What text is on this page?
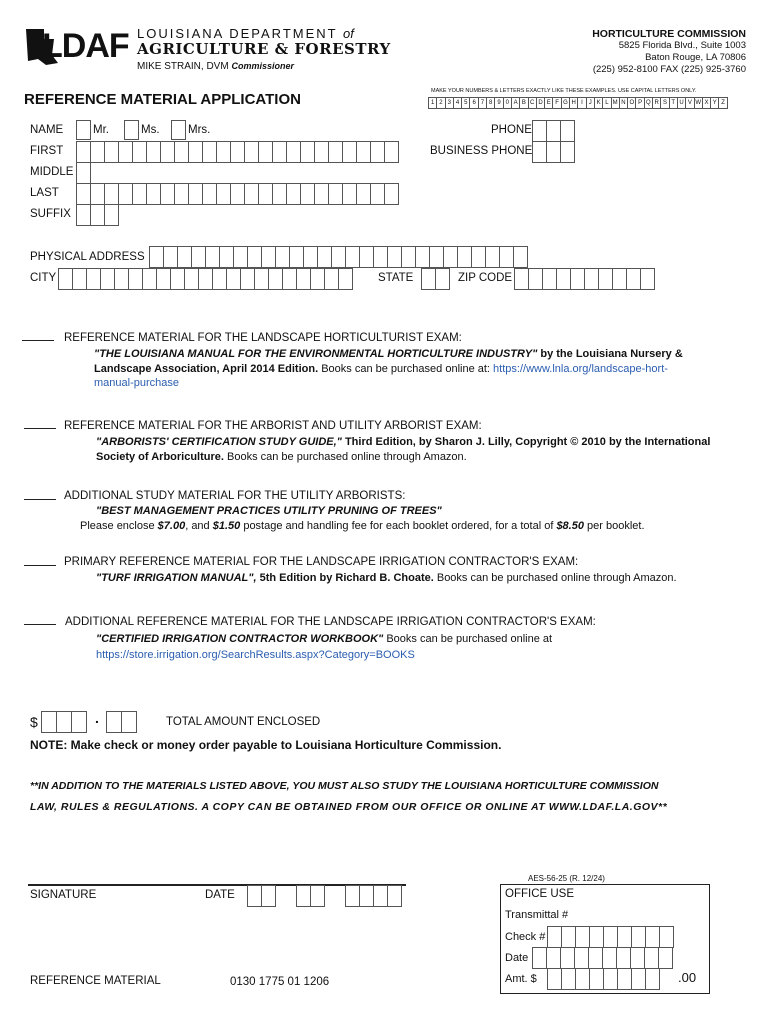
LDAF LOUISIANA DEPARTMENT of
AGRICULTURE & FORESTRY
MIKE STRAIN, DVM Commissioner
HORTICULTURE COMMISSION
5825 Florida Blvd., Suite 1003
Baton Rouge, LA 70806
(225) 952-8100 FAX (225) 925-3760
REFERENCE MATERIAL APPLICATION	MAKE YOUR NUMBERS & LETTERS EXACTLY LIKE THESE EXAMPLES. USE CAPITAL LETTERS ONLY.
1 2 3 4 5 6 7 8 9 0 A B C D E F G H I J K L M N O P Q R S T U V W X Y Z
NAME	Mr.	Ms. Mrs.
FIRST
MIDDLE
LAST
SUFFIX
PHONE
BUSINESS PHONE
PHYSICAL ADDRESS
CITY	STATE	ZIP CODE
REFERENCE MATERIAL FOR THE LANDSCAPE HORTICULTURIST EXAM:
"THE LOUISIANA MANUAL FOR THE ENVIRONMENTAL HORTICULTURE INDUSTRY" by the Louisiana Nursery &
Landscape Association, April 2014 Edition. Books can be purchased online at: https://www.lnla.org/landscape-hort-
manual-purchase
REFERENCE MATERIAL FOR THE ARBORIST AND UTILITY ARBORIST EXAM:
"ARBORISTS' CERTIFICATION STUDY GUIDE," Third Edition, by Sharon J. Lilly, Copyright © 2010 by the International
Society of Arboriculture. Books can be purchased online through Amazon.
ADDITIONAL STUDY MATERIAL FOR THE UTILITY ARBORISTS:
"BEST MANAGEMENT PRACTICES UTILITY PRUNING OF TREES"
Please enclose $7.00, and $1.50 postage and handling fee for each booklet ordered, for a total of $8.50 per booklet.
PRIMARY REFERENCE MATERIAL FOR THE LANDSCAPE IRRIGATION CONTRACTOR'S EXAM:
"TURF IRRIGATION MANUAL", 5th Edition by Richard B. Choate. Books can be purchased online through Amazon.
ADDITIONAL REFERENCE MATERIAL FOR THE LANDSCAPE IRRIGATION CONTRACTOR'S EXAM:
"CERTIFIED IRRIGATION CONTRACTOR WORKBOOK" Books can be purchased online at
https://store.irrigation.org/SearchResults.aspx?Category=BOOKS
$	.	TOTAL AMOUNT ENCLOSED
NOTE: Make check or money order payable to Louisiana Horticulture Commission.
**IN ADDITION TO THE MATERIALS LISTED ABOVE, YOU MUST ALSO STUDY THE LOUISIANA HORTICULTURE COMMISSION
LAW, RULES & REGULATIONS. A COPY CAN BE OBTAINED FROM OUR OFFICE OR ONLINE AT WWW.LDAF.LA.GOV**
AES-56-25 (R. 12/24)
SIGNATURE	DATE	OFFICE USE
Transmittal #
Check #
Date
Amt. $	.00
REFERENCE MATERIAL	0130 1775 01 1206
